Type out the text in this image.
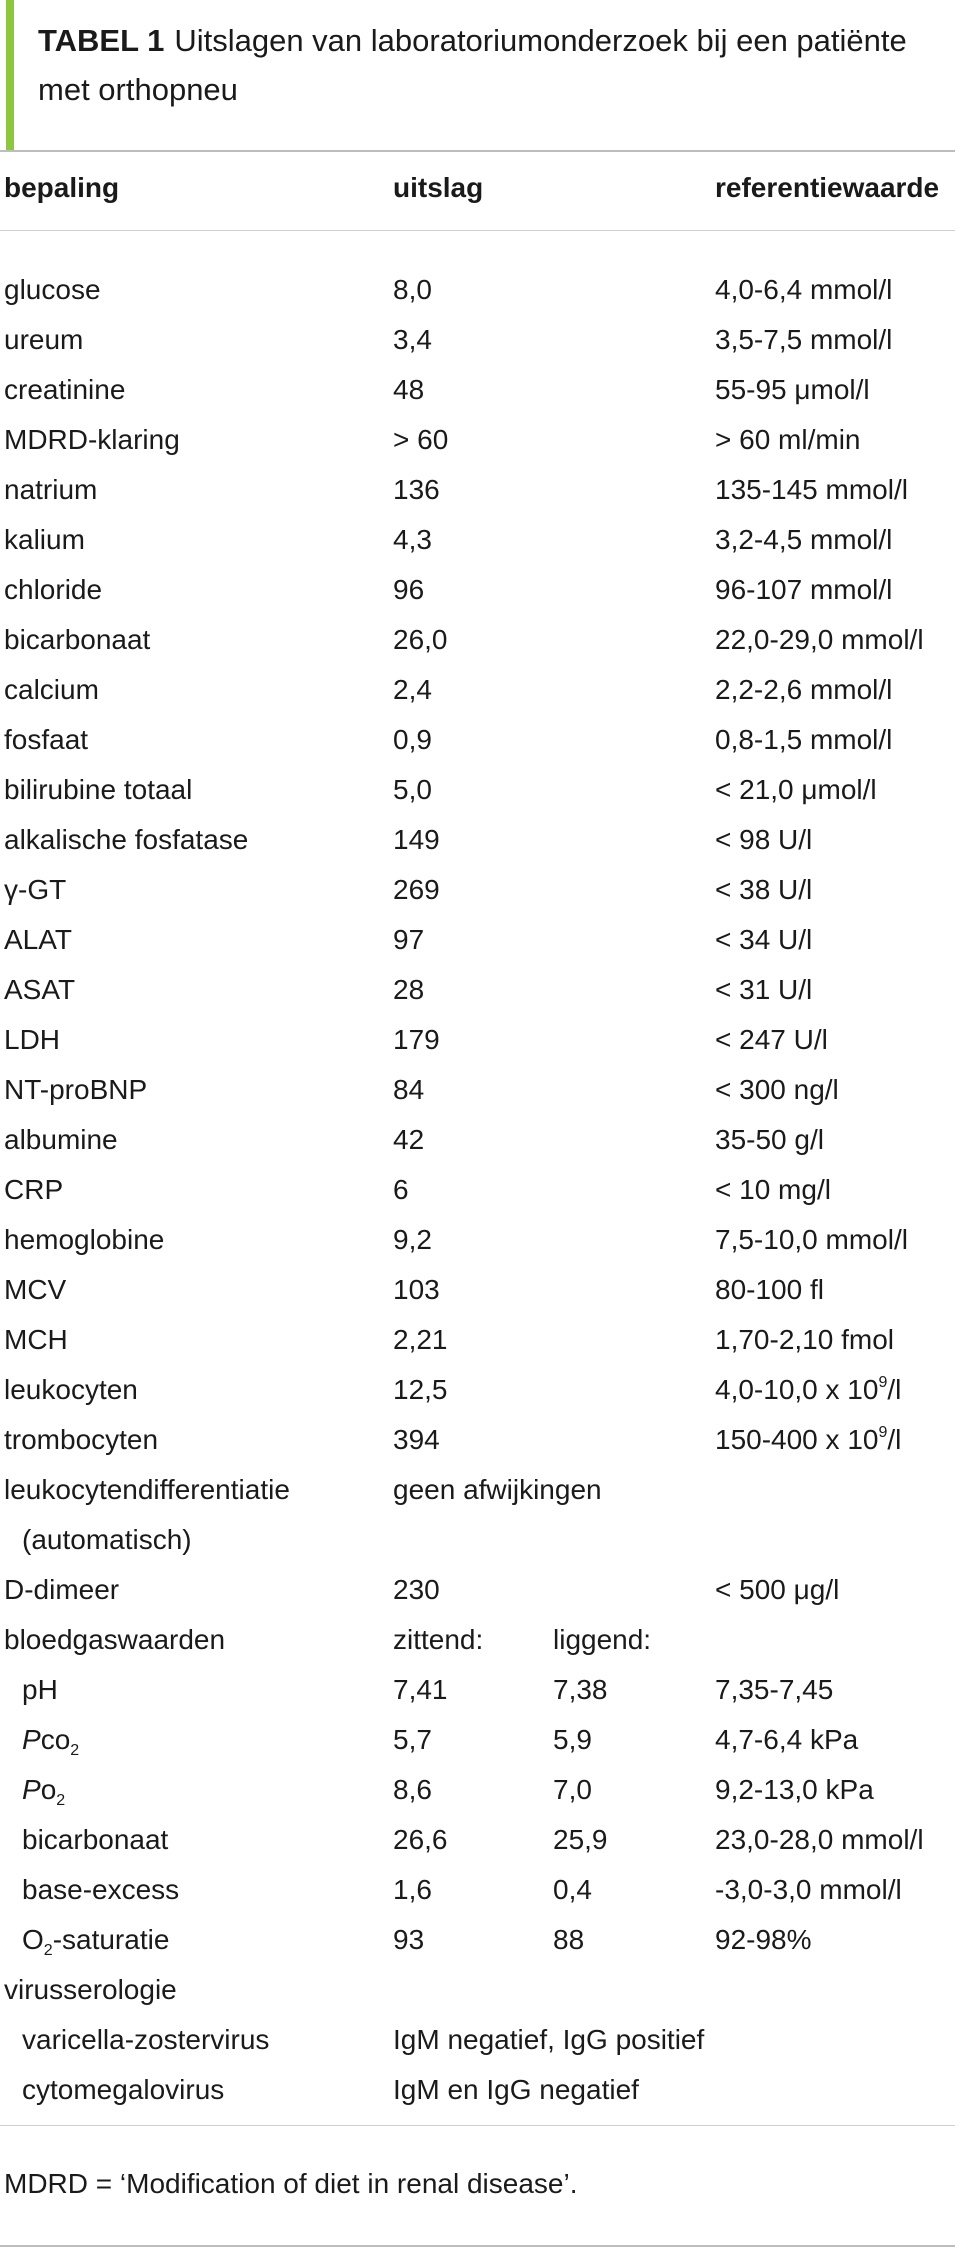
TABEL 1 Uitslagen van laboratoriumonderzoek bij een patiënte met orthopneu
bepaling	uitslag	referentiewaarde
glucose	8,0	4,0-6,4 mmol/l
ureum	3,4	3,5-7,5 mmol/l
creatinine	48	55-95 μmol/l
MDRD-klaring	> 60	> 60 ml/min
natrium	136	135-145 mmol/l
kalium	4,3	3,2-4,5 mmol/l
chloride	96	96-107 mmol/l
bicarbonaat	26,0	22,0-29,0 mmol/l
calcium	2,4	2,2-2,6 mmol/l
fosfaat	0,9	0,8-1,5 mmol/l
bilirubine totaal	5,0	< 21,0 μmol/l
alkalische fosfatase	149	< 98 U/l
γ-GT	269	< 38 U/l
ALAT	97	< 34 U/l
ASAT	28	< 31 U/l
LDH	179	< 247 U/l
NT-proBNP	84	< 300 ng/l
albumine	42	35-50 g/l
CRP	6	< 10 mg/l
hemoglobine	9,2	7,5-10,0 mmol/l
MCV	103	80-100 fl
MCH	2,21	1,70-2,10 fmol
leukocyten	12,5	4,0-10,0 x $10^9/l$
trombocyten	394	150-400 x $10^9/l$
leukocytendifferentiatie	geen afwijkingen
(automatisch)
D-dimeer	230	< 500 μg/l
bloedgaswaarden	zittend: liggend:
pH	7,41	7,38	7,35-7,45
Pco$_2$	5,7	5,9	4,7-6,4 kPa
$Po_2$	8,6	7,0	9,2-13,0 kPa
bicarbonaat	26,6	25,9	23,0-28,0 mmol/l
base-excess	1,6	0,4	-3,0-3,0 mmol/l
$O_2$-saturatie	93	88	92-98%
virusserologie
varicella-zostervirus	IgM negatief, IgG positief
cytomegalovirus	IgM en IgG negatief
MDRD = ‘Modification of diet in renal disease’.
